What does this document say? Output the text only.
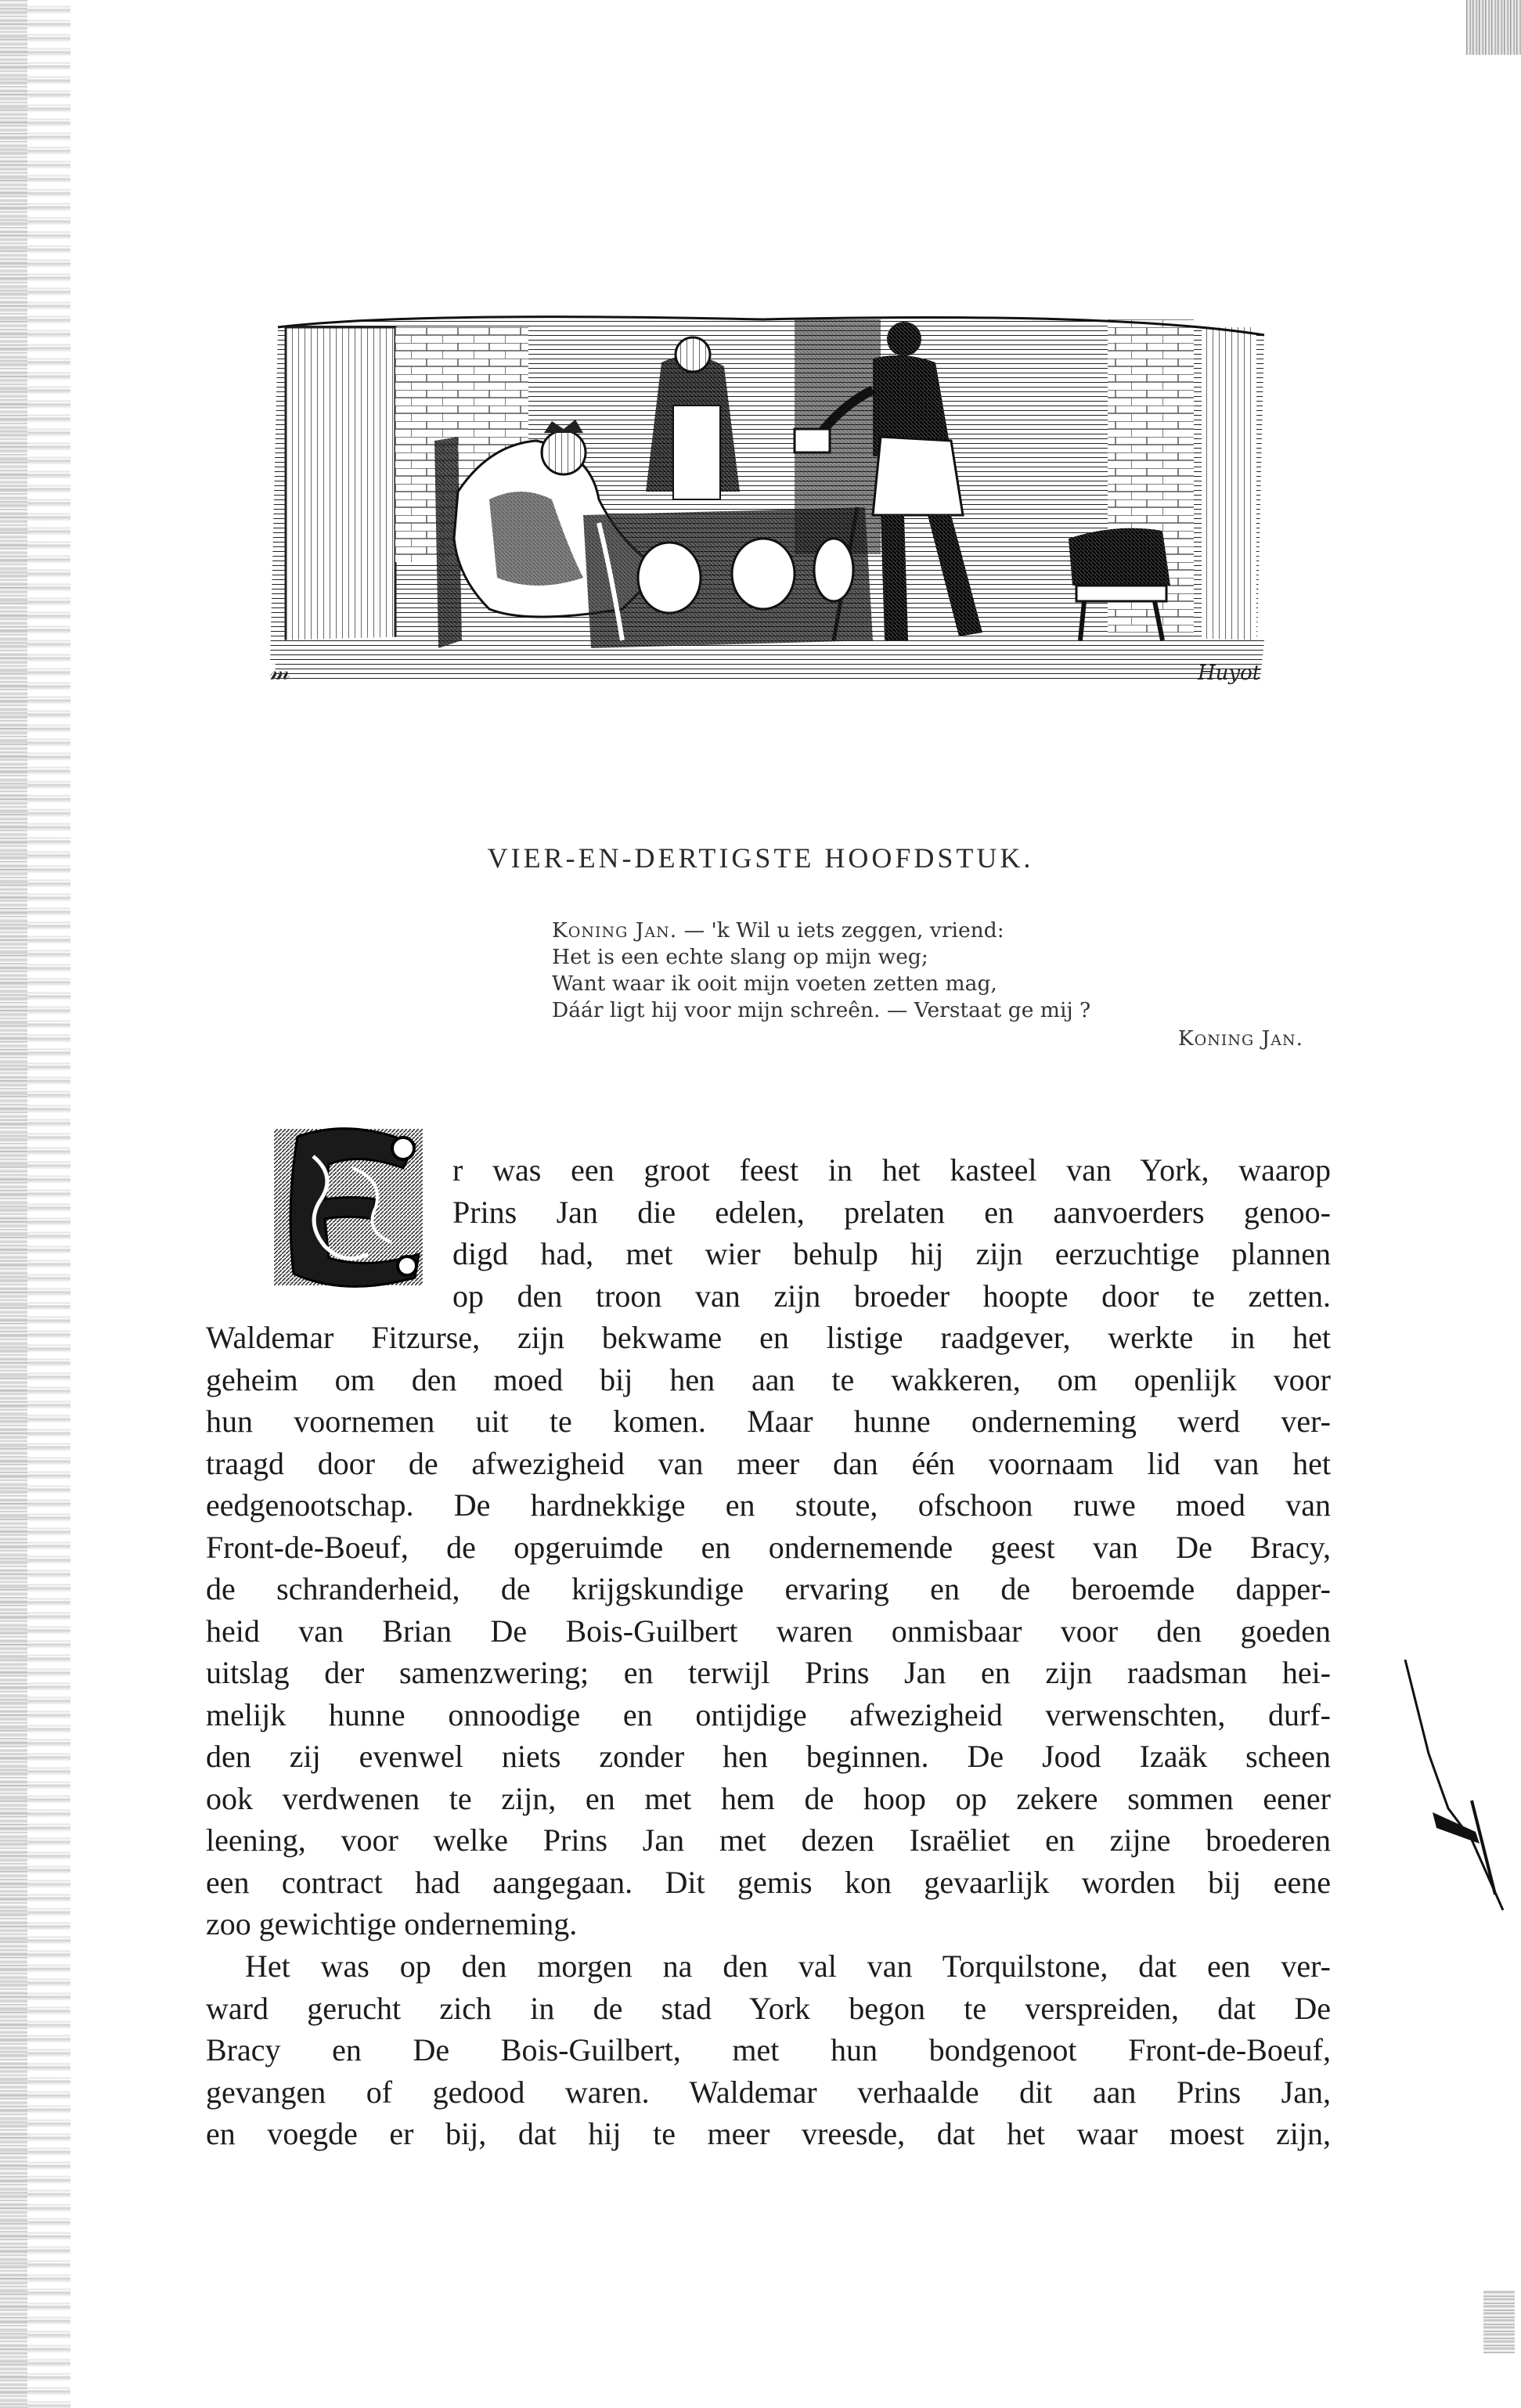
𝓂	Huyot
VIER-EN-DERTIGSTE HOOFDSTUK.
Koning Jan. — 'k Wil u iets zeggen, vriend:
Het is een echte slang op mijn weg;
Want waar ik ooit mijn voeten zetten mag,
Dáár ligt hij voor mijn schreên. — Verstaat ge mij ?
Koning Jan.
E
r was een groot feest in het kasteel van York, waarop
Prins Jan die edelen, prelaten en aanvoerders genoo-
digd had, met wier behulp hij zijn eerzuchtige plannen
op den troon van zijn broeder hoopte door te zetten.
Waldemar Fitzurse, zijn bekwame en listige raadgever, werkte in het
geheim om den moed bij hen aan te wakkeren, om openlijk voor
hun voornemen uit te komen. Maar hunne onderneming werd ver-
traagd door de afwezigheid van meer dan één voornaam lid van het
eedgenootschap. De hardnekkige en stoute, ofschoon ruwe moed van
Front-de-Boeuf, de opgeruimde en ondernemende geest van De Bracy,
de schranderheid, de krijgskundige ervaring en de beroemde dapper-
heid van Brian De Bois-Guilbert waren onmisbaar voor den goeden
uitslag der samenzwering; en terwijl Prins Jan en zijn raadsman hei-
melijk hunne onnoodige en ontijdige afwezigheid verwenschten, durf-
den zij evenwel niets zonder hen beginnen. De Jood Izaäk scheen
ook verdwenen te zijn, en met hem de hoop op zekere sommen eener
leening, voor welke Prins Jan met dezen Israëliet en zijne broederen
een contract had aangegaan. Dit gemis kon gevaarlijk worden bij eene
zoo gewichtige onderneming.
Het was op den morgen na den val van Torquilstone, dat een ver-
ward gerucht zich in de stad York begon te verspreiden, dat De
Bracy en De Bois-Guilbert, met hun bondgenoot Front-de-Boeuf,
gevangen of gedood waren. Waldemar verhaalde dit aan Prins Jan,
en voegde er bij, dat hij te meer vreesde, dat het waar moest zijn,
